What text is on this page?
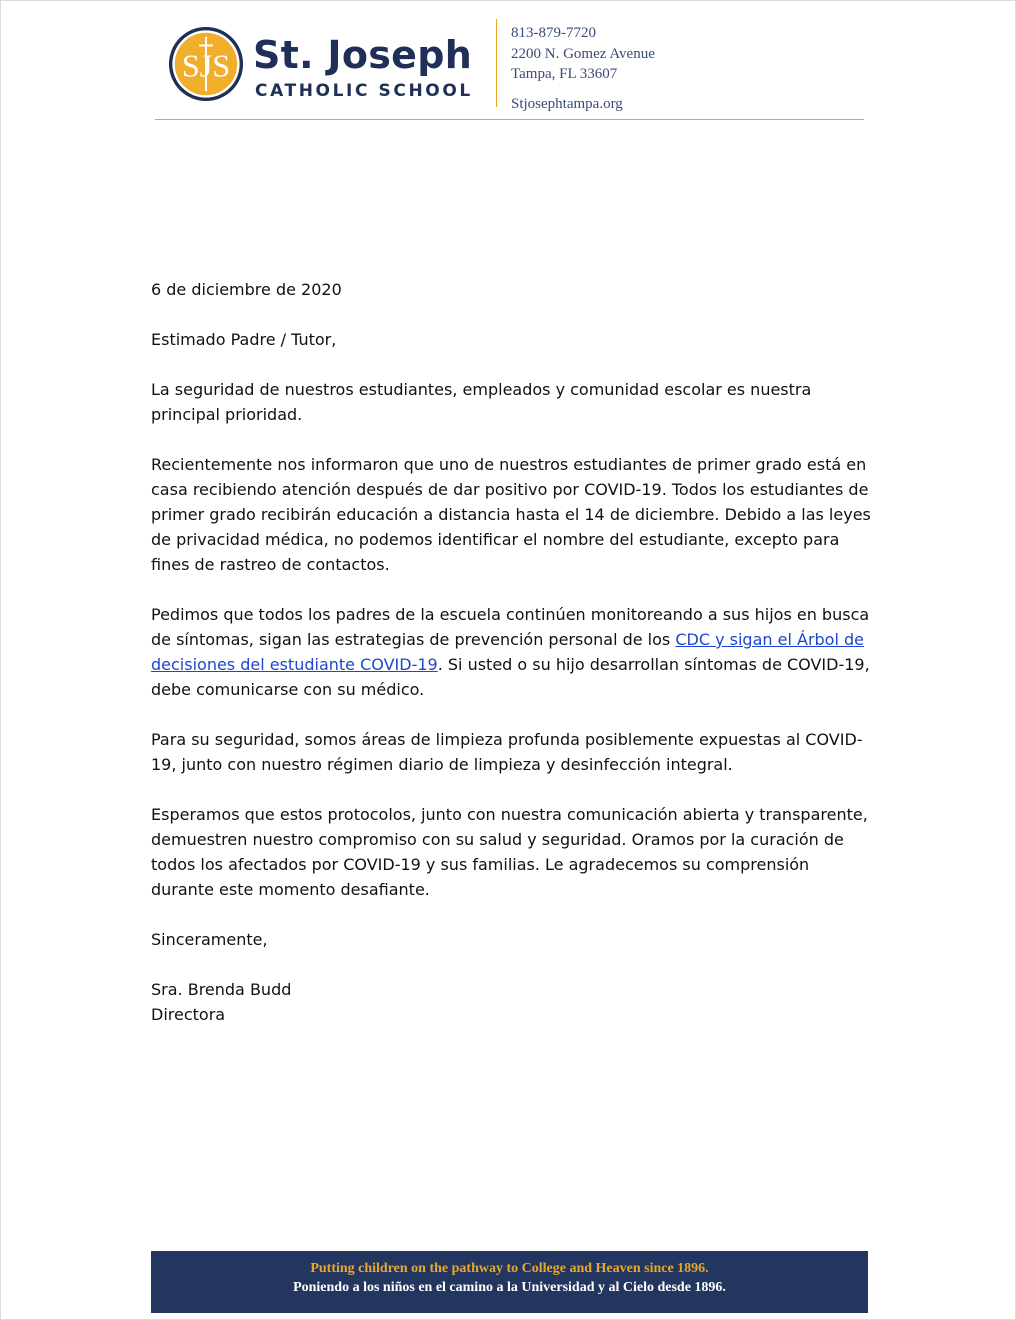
SJS St. Joseph
CATHOLIC SCHOOL
813-879-7720
2200 N. Gomez Avenue
Tampa, FL 33607
Stjosephtampa.org

6 de diciembre de 2020

Estimado Padre / Tutor,

La seguridad de nuestros estudiantes, empleados y comunidad escolar es nuestra principal prioridad.

Recientemente nos informaron que uno de nuestros estudiantes de primer grado está en casa recibiendo atención después de dar positivo por COVID-19. Todos los estudiantes de primer grado recibirán educación a distancia hasta el 14 de diciembre. Debido a las leyes de privacidad médica, no podemos identificar el nombre del estudiante, excepto para fines de rastreo de contactos.

Pedimos que todos los padres de la escuela continúen monitoreando a sus hijos en busca de síntomas, sigan las estrategias de prevención personal de los CDC y sigan el Árbol de decisiones del estudiante COVID-19. Si usted o su hijo desarrollan síntomas de COVID-19, debe comunicarse con su médico.

Para su seguridad, somos áreas de limpieza profunda posiblemente expuestas al COVID-19, junto con nuestro régimen diario de limpieza y desinfección integral.

Esperamos que estos protocolos, junto con nuestra comunicación abierta y transparente, demuestren nuestro compromiso con su salud y seguridad. Oramos por la curación de todos los afectados por COVID-19 y sus familias. Le agradecemos su comprensión durante este momento desafiante.

Sinceramente,

Sra. Brenda Budd

Directora

Putting children on the pathway to College and Heaven since 1896.
Poniendo a los niños en el camino a la Universidad y al Cielo desde 1896.
